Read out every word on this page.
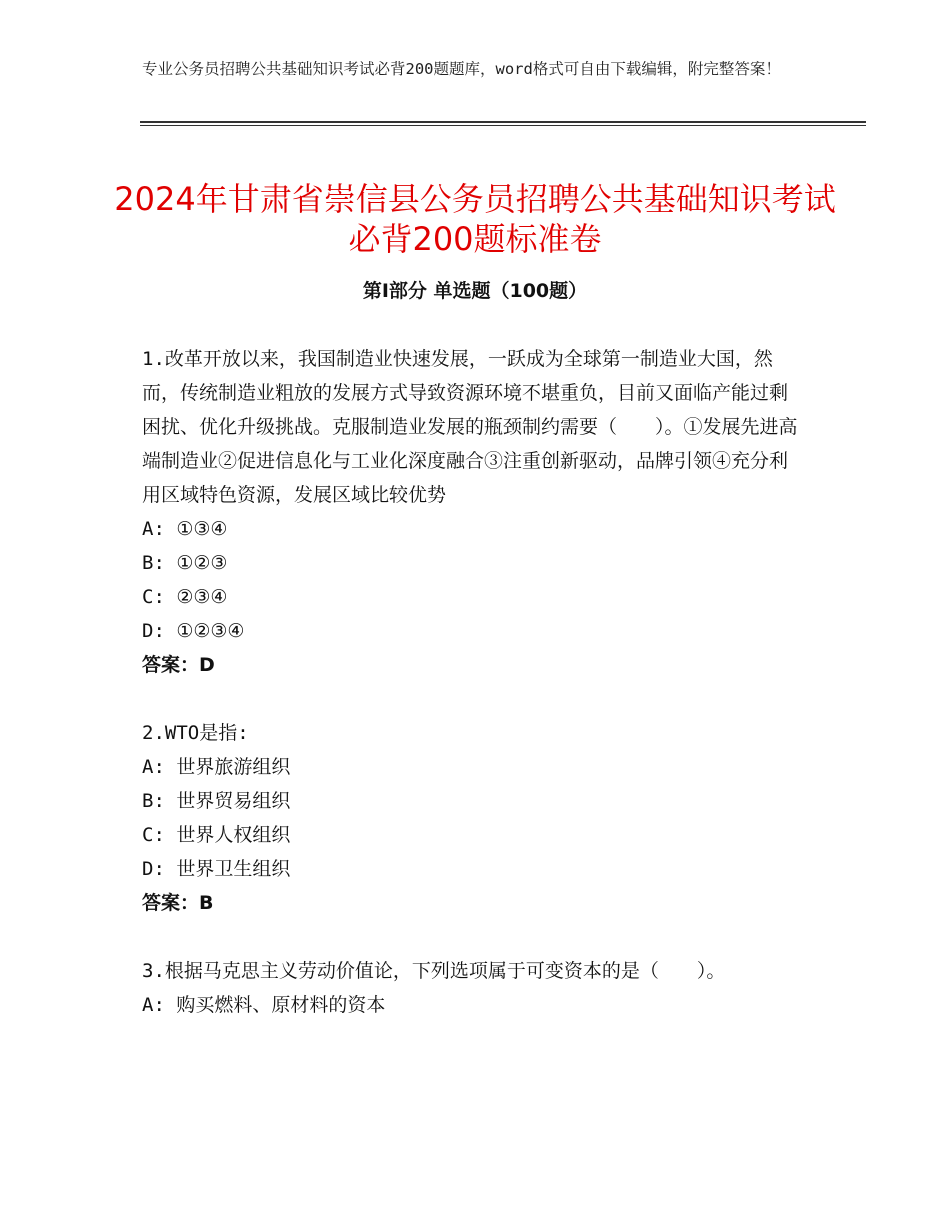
专业公务员招聘公共基础知识考试必背200题题库，word格式可自由下载编辑，附完整答案！
2024年甘肃省崇信县公务员招聘公共基础知识考试必背200题标准卷
第Ⅰ部分 单选题（100题）

1.改革开放以来，我国制造业快速发展，一跃成为全球第一制造业大国，然而，传统制造业粗放的发展方式导致资源环境不堪重负，目前又面临产能过剩困扰、优化升级挑战。克服制造业发展的瓶颈制约需要（　　）。①发展先进高端制造业②促进信息化与工业化深度融合③注重创新驱动，品牌引领④充分利用区域特色资源，发展区域比较优势

A: ①③④
B: ①②③
C: ②③④
D: ①②③④
答案：D

2.WTO是指:

A: 世界旅游组织
B: 世界贸易组织
C: 世界人权组织
D: 世界卫生组织
答案：B

3.根据马克思主义劳动价值论，下列选项属于可变资本的是（　　）。

A: 购买燃料、原材料的资本
